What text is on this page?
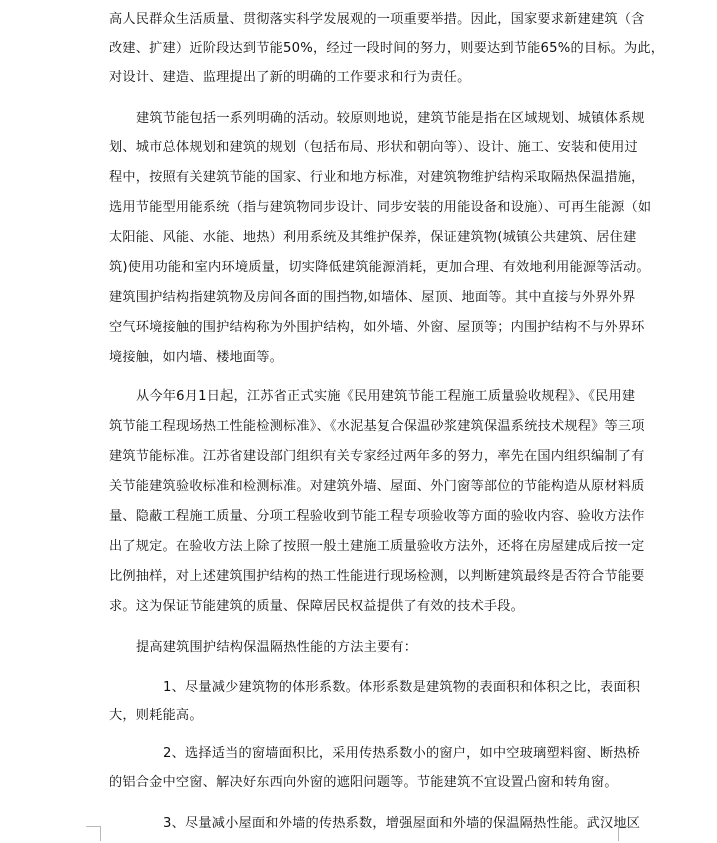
高人民群众生活质量、贯彻落实科学发展观的一项重要举措。因此，国家要求新建建筑（含
改建、扩建）近阶段达到节能50%，经过一段时间的努力，则要达到节能65%的目标。为此，
对设计、建造、监理提出了新的明确的工作要求和行为责任。
建筑节能包括一系列明确的活动。较原则地说，建筑节能是指在区域规划、城镇体系规
划、城市总体规划和建筑的规划（包括布局、形状和朝向等）、设计、施工、安装和使用过
程中，按照有关建筑节能的国家、行业和地方标准，对建筑物维护结构采取隔热保温措施，
选用节能型用能系统（指与建筑物同步设计、同步安装的用能设备和设施）、可再生能源（如
太阳能、风能、水能、地热）利用系统及其维护保养，保证建筑物(城镇公共建筑、居住建
筑)使用功能和室内环境质量，切实降低建筑能源消耗，更加合理、有效地利用能源等活动。
建筑围护结构指建筑物及房间各面的围挡物,如墙体、屋顶、地面等。其中直接与外界外界
空气环境接触的围护结构称为外围护结构，如外墙、外窗、屋顶等；内围护结构不与外界环
境接触，如内墙、楼地面等。
从今年6月1日起，江苏省正式实施《民用建筑节能工程施工质量验收规程》、《民用建
筑节能工程现场热工性能检测标准》、《水泥基复合保温砂浆建筑保温系统技术规程》等三项
建筑节能标准。江苏省建设部门组织有关专家经过两年多的努力，率先在国内组织编制了有
关节能建筑验收标准和检测标准。对建筑外墙、屋面、外门窗等部位的节能构造从原材料质
量、隐蔽工程施工质量、分项工程验收到节能工程专项验收等方面的验收内容、验收方法作
出了规定。在验收方法上除了按照一般土建施工质量验收方法外，还将在房屋建成后按一定
比例抽样，对上述建筑围护结构的热工性能进行现场检测，以判断建筑最终是否符合节能要
求。这为保证节能建筑的质量、保障居民权益提供了有效的技术手段。
提高建筑围护结构保温隔热性能的方法主要有：
1、尽量减少建筑物的体形系数。体形系数是建筑物的表面积和体积之比，表面积
大，则耗能高。
2、选择适当的窗墙面积比，采用传热系数小的窗户，如中空玻璃塑料窗、断热桥
的铝合金中空窗、解决好东西向外窗的遮阳问题等。节能建筑不宜设置凸窗和转角窗。
3、尽量减小屋面和外墙的传热系数，增强屋面和外墙的保温隔热性能。武汉地区
